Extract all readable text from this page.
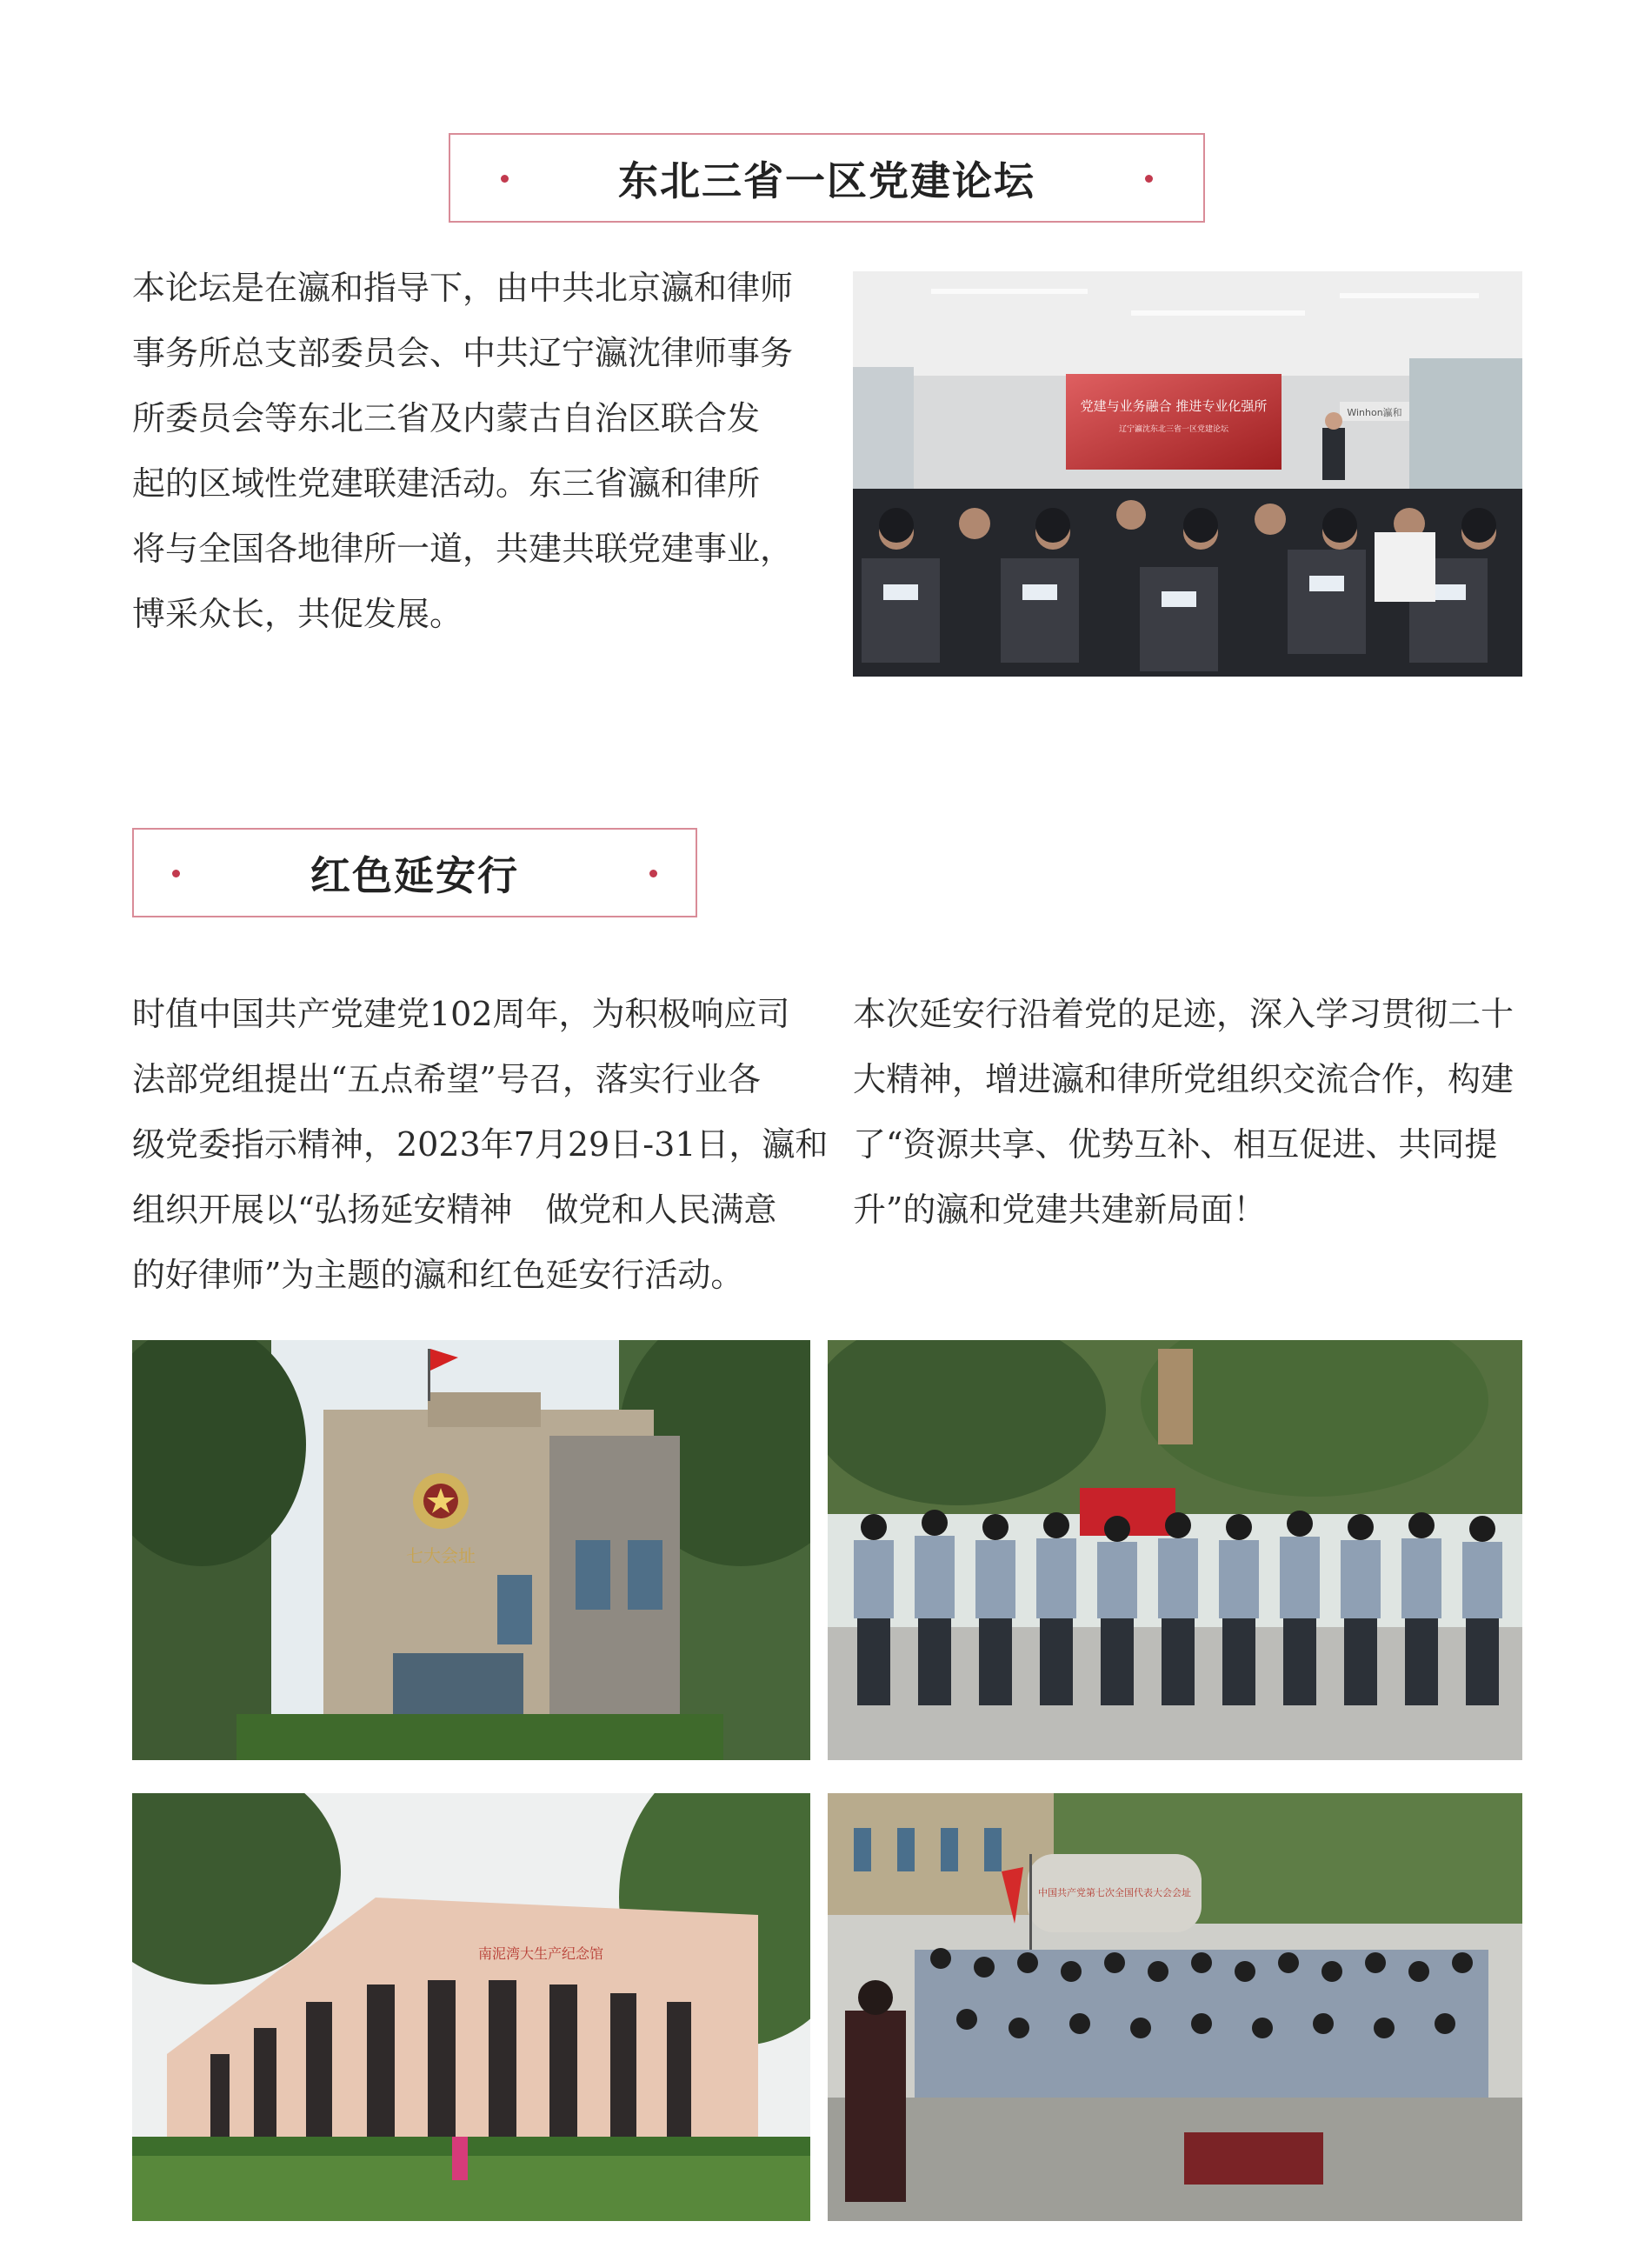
东北三省一区党建论坛
本论坛是在瀛和指导下，由中共北京瀛和律师
事务所总支部委员会、中共辽宁瀛沈律师事务
所委员会等东北三省及内蒙古自治区联合发
起的区域性党建联建活动。东三省瀛和律所
将与全国各地律所一道，共建共联党建事业，
博采众长，共促发展。
党建与业务融合 推进专业化强所
辽宁瀛沈东北三省一区党建论坛
Winhon瀛和
红色延安行
时值中国共产党建党102周年，为积极响应司
法部党组提出“五点希望”号召，落实行业各
级党委指示精神，2023年7月29日-31日，瀛和
组织开展以“弘扬延安精神　做党和人民满意
的好律师”为主题的瀛和红色延安行活动。
本次延安行沿着党的足迹，深入学习贯彻二十
大精神，增进瀛和律所党组织交流合作，构建
了“资源共享、优势互补、相互促进、共同提
升”的瀛和党建共建新局面！
七大会址
南泥湾大生产纪念馆
中国共产党第七次全国代表大会会址
